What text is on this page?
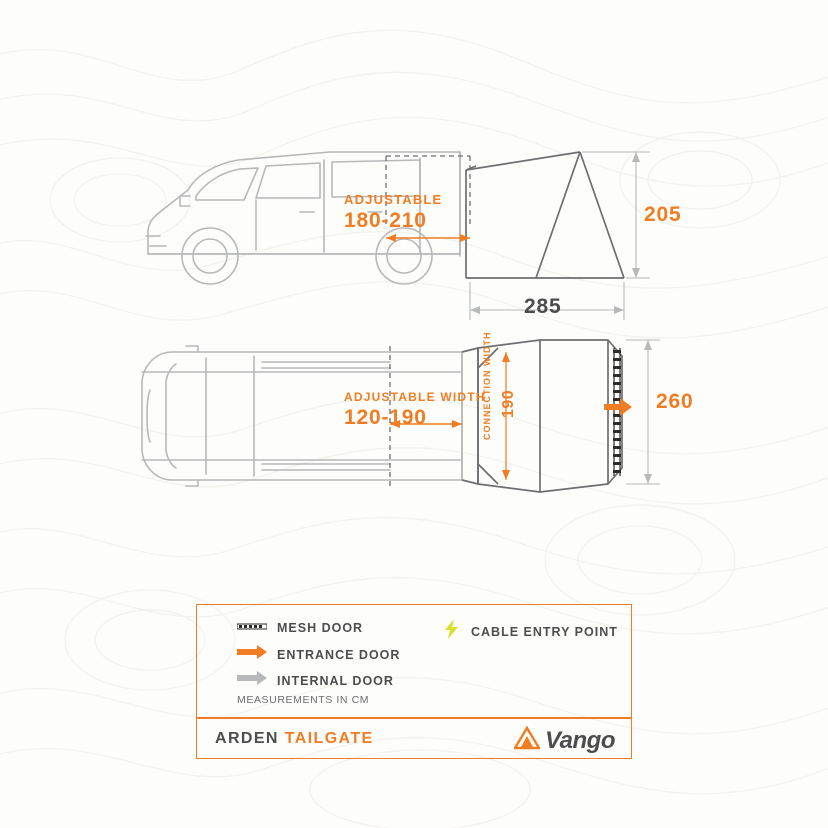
ADJUSTABLE
180-210	205
285
ADJUSTABLE WIDTH
120-190	CONNECTION WIDTH 190	260
MESH DOOR
ENTRANCE DOOR
INTERNAL DOOR
CABLE ENTRY POINT
MEASUREMENTS IN CM
ARDEN TAILGATE	Vango
